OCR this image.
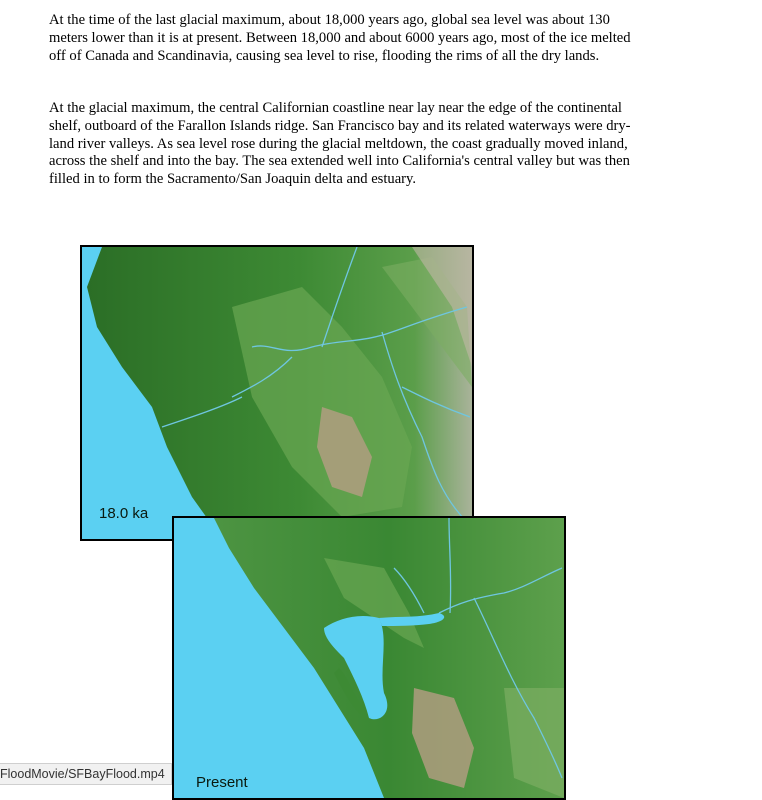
At the time of the last glacial maximum, about 18,000 years ago, global sea level was about 130 meters lower than it is at present. Between 18,000 and about 6000 years ago, most of the ice melted off of Canada and Scandinavia, causing sea level to rise, flooding the rims of all the dry lands.

At the glacial maximum, the central Californian coastline near lay near the edge of the continental shelf, outboard of the Farallon Islands ridge. San Francisco bay and its related waterways were dry-land river valleys. As sea level rose during the glacial meltdown, the coast gradually moved inland, across the shelf and into the bay. The sea extended well into California's central valley but was then filled in to form the Sacramento/San Joaquin delta and estuary.

18.0 ka
Present
FloodMovie/SFBayFlood.mp4
